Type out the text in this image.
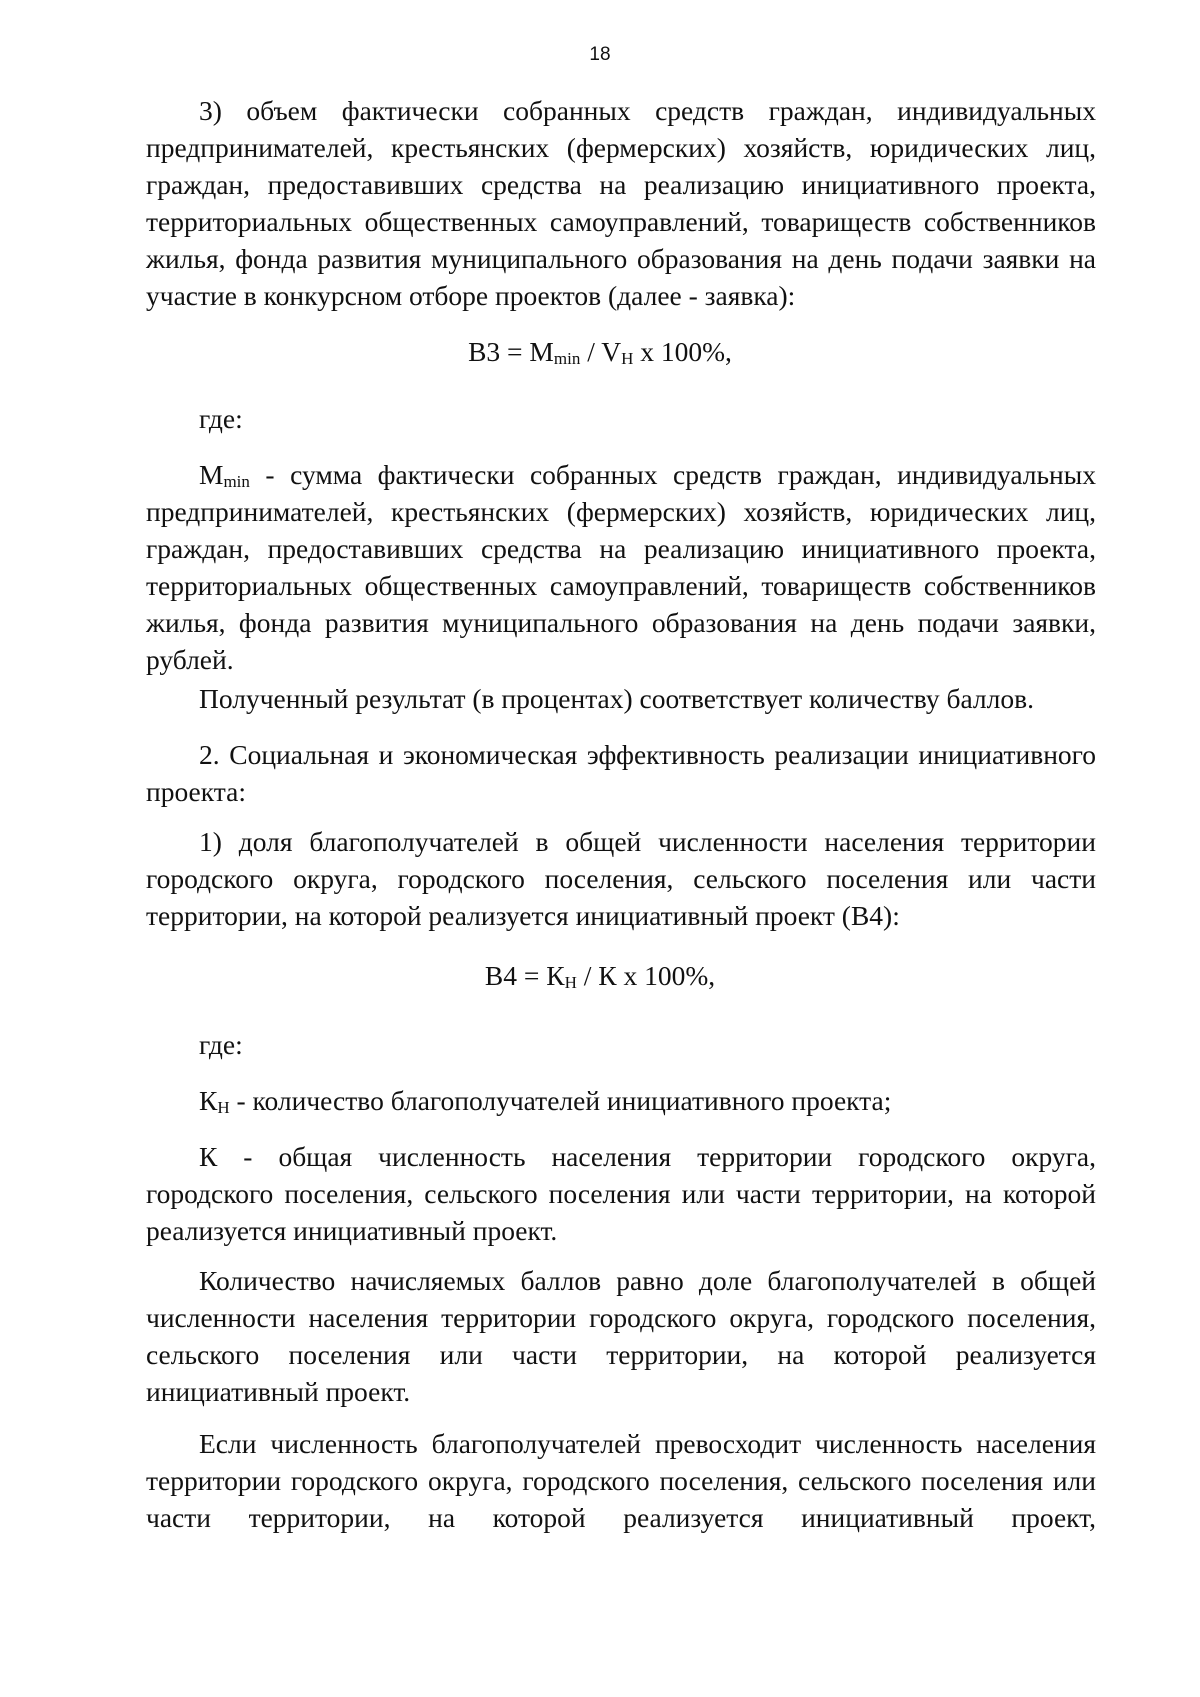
18
3) объем фактически собранных средств граждан, индивидуальных предпринимателей, крестьянских (фермерских) хозяйств, юридических лиц, граждан, предоставивших средства на реализацию инициативного проекта, территориальных общественных самоуправлений, товариществ собственников жилья, фонда развития муниципального образования на день подачи заявки на участие в конкурсном отборе проектов (далее - заявка):
$В3 = М_{min} / V_Н$ х 100%,
где:
$М_{min}$ - сумма фактически собранных средств граждан, индивидуальных предпринимателей, крестьянских (фермерских) хозяйств, юридических лиц, граждан, предоставивших средства на реализацию инициативного проекта, территориальных общественных самоуправлений, товариществ собственников жилья, фонда развития муниципального образования на день подачи заявки, рублей.
Полученный результат (в процентах) соответствует количеству баллов.
2. Социальная и экономическая эффективность реализации инициативного проекта:
1) доля благополучателей в общей численности населения территории городского округа, городского поселения, сельского поселения или части территории, на которой реализуется инициативный проект (В4):
$В4 = К_Н / К$ х 100%,
где:
$К_Н$ - количество благополучателей инициативного проекта;
К - общая численность населения территории городского округа, городского поселения, сельского поселения или части территории, на которой реализуется инициативный проект.
Количество начисляемых баллов равно доле благополучателей в общей численности населения территории городского округа, городского поселения, сельского поселения или части территории, на которой реализуется инициативный проект.
Если численность благополучателей превосходит численность населения территории городского округа, городского поселения, сельского поселения или части территории, на которой реализуется инициативный проект,
